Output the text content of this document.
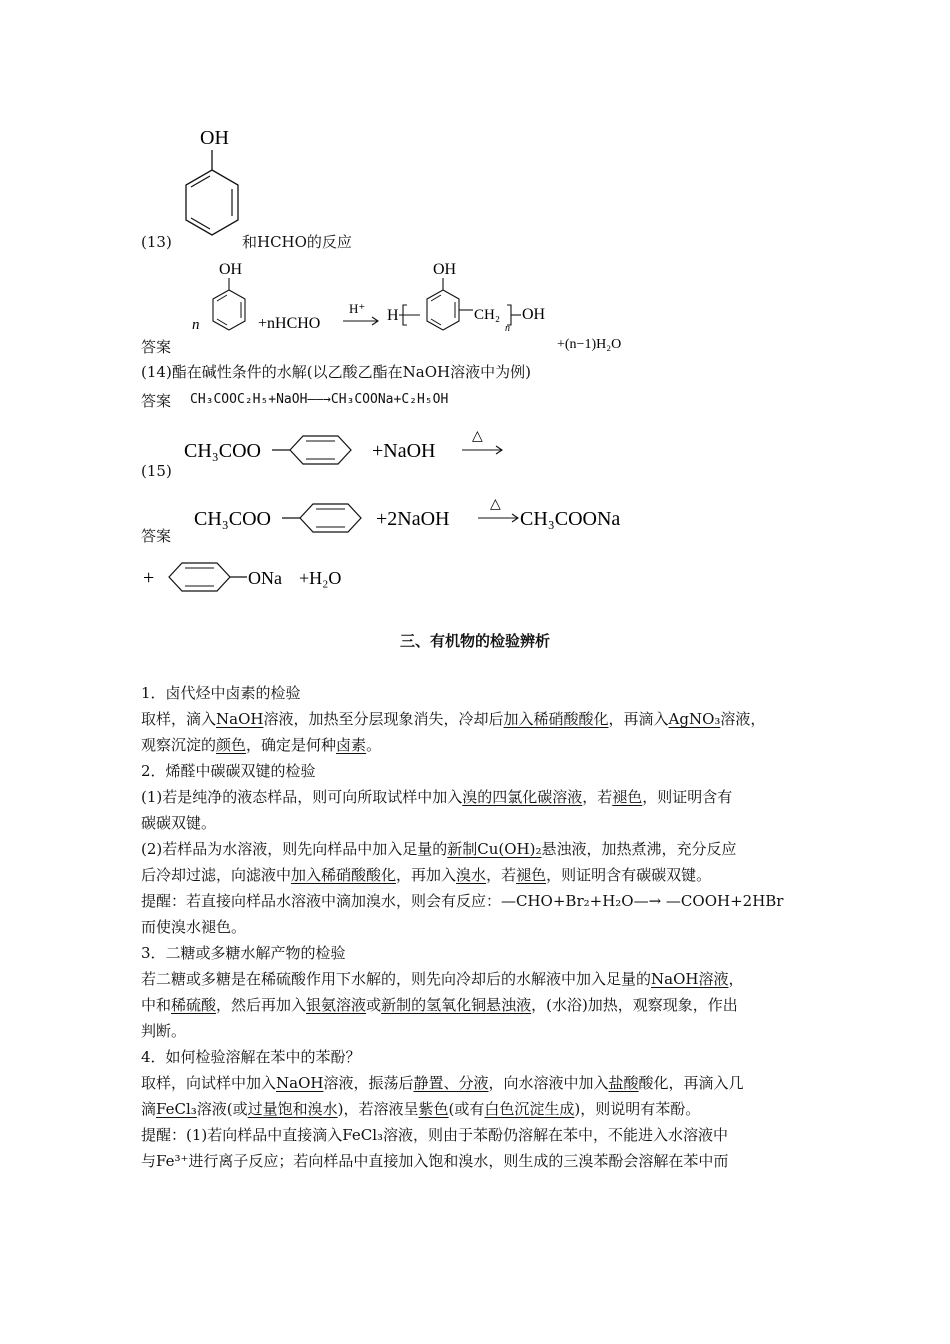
OH
(13)	和HCHO的反应
答案
n
OH
+nHCHO
H⁺ H
OH
CH₂
n
OH
+(n−1)H₂O
(14)酯在碱性条件的水解(以乙酸乙酯在NaOH溶液中为例)
答案 CH₃COOC₂H₅+NaOH——→CH₃COONa+C₂H₅OH
(15)
CH₃COO	+NaOH
△
答案
CH₃COO	+2NaOH
△
CH₃COONa
+	ONa +H₂O
三、有机物的检验辨析

1．卤代烃中卤素的检验

取样，滴入NaOH溶液，加热至分层现象消失，冷却后加入稀硝酸酸化，再滴入AgNO₃溶液，

观察沉淀的颜色，确定是何种卤素。

2．烯醛中碳碳双键的检验

(1)若是纯净的液态样品，则可向所取试样中加入溴的四氯化碳溶液，若褪色，则证明含有

碳碳双键。

(2)若样品为水溶液，则先向样品中加入足量的新制Cu(OH)₂悬浊液，加热煮沸，充分反应

后冷却过滤，向滤液中加入稀硝酸酸化，再加入溴水，若褪色，则证明含有碳碳双键。

提醒：若直接向样品水溶液中滴加溴水，则会有反应：—CHO+Br₂+H₂O—→ —COOH+2HBr

而使溴水褪色。

3．二糖或多糖水解产物的检验

若二糖或多糖是在稀硫酸作用下水解的，则先向冷却后的水解液中加入足量的NaOH溶液，

中和稀硫酸，然后再加入银氨溶液或新制的氢氧化铜悬浊液，(水浴)加热，观察现象，作出

判断。

4．如何检验溶解在苯中的苯酚？

取样，向试样中加入NaOH溶液，振荡后静置、分液，向水溶液中加入盐酸酸化，再滴入几

滴FeCl₃溶液(或过量饱和溴水)，若溶液呈紫色(或有白色沉淀生成)，则说明有苯酚。

提醒：(1)若向样品中直接滴入FeCl₃溶液，则由于苯酚仍溶解在苯中，不能进入水溶液中

与Fe³⁺进行离子反应；若向样品中直接加入饱和溴水，则生成的三溴苯酚会溶解在苯中而
